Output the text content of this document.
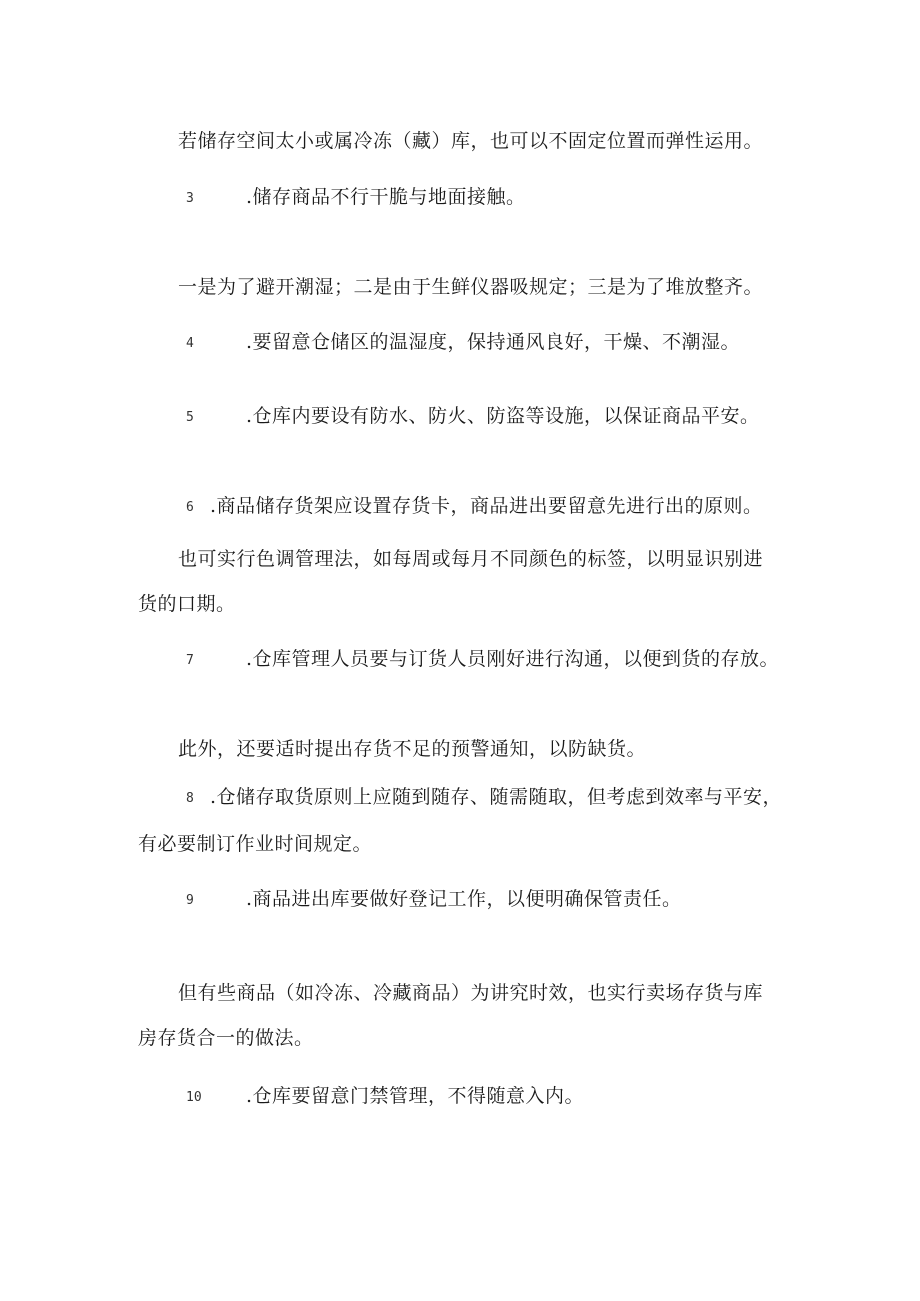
若储存空间太小或属冷冻（藏）库，也可以不固定位置而弹性运用。
3	.储存商品不行干脆与地面接触。
一是为了避开潮湿；二是由于生鲜仪器吸规定；三是为了堆放整齐。
4	.要留意仓储区的温湿度，保持通风良好，干燥、不潮湿。
5	.仓库内要设有防水、防火、防盗等设施，以保证商品平安。
6 .商品储存货架应设置存货卡，商品进出要留意先进行出的原则。
也可实行色调管理法，如每周或每月不同颜色的标签，以明显识别进
货的口期。
7	.仓库管理人员要与订货人员刚好进行沟通，以便到货的存放。
此外，还要适时提出存货不足的预警通知，以防缺货。
8 .仓储存取货原则上应随到随存、随需随取，但考虑到效率与平安，
有必要制订作业时间规定。
9	.商品进出库要做好登记工作，以便明确保管责任。
但有些商品（如冷冻、冷藏商品）为讲究时效，也实行卖场存货与库
房存货合一的做法。
10 .仓库要留意门禁管理，不得随意入内。
